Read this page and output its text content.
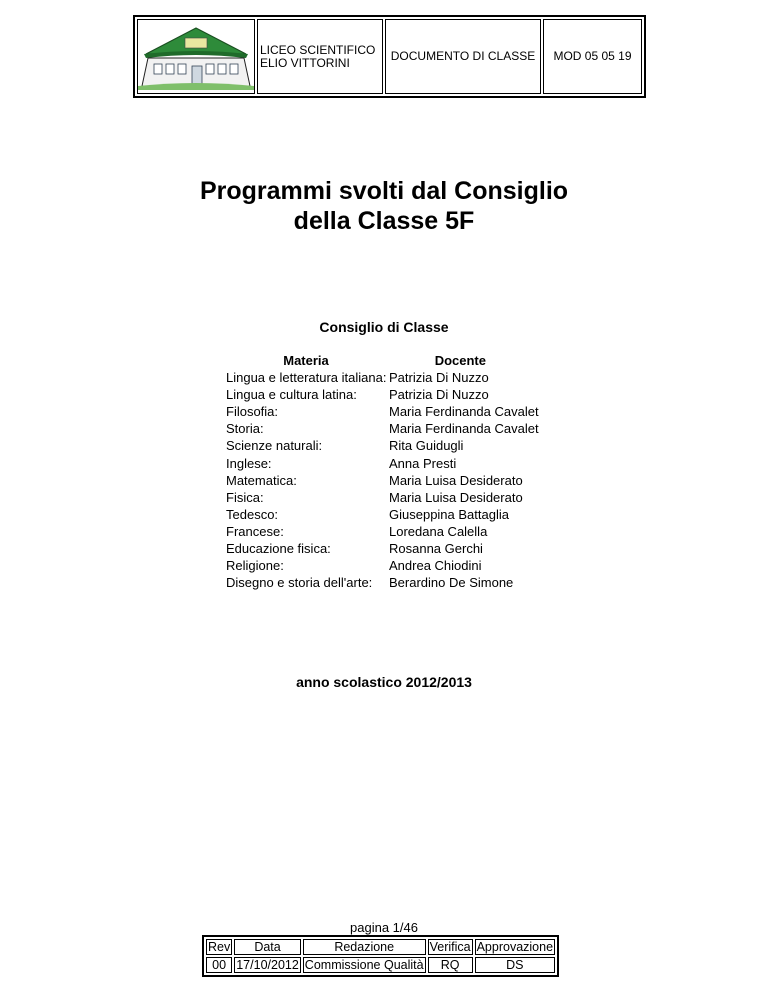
LICEO SCIENTIFICO
ELIO VITTORINI	DOCUMENTO DI CLASSE	MOD 05 05 19
Programmi svolti dal Consiglio
della Classe 5F
Consiglio di Classe
Materia	Docente
Lingua e letteratura italiana: Patrizia Di Nuzzo
Lingua e cultura latina:	Patrizia Di Nuzzo
Filosofia:	Maria Ferdinanda Cavalet
Storia:	Maria Ferdinanda Cavalet
Scienze naturali:	Rita Guidugli
Inglese:	Anna Presti
Matematica:	Maria Luisa Desiderato
Fisica:	Maria Luisa Desiderato
Tedesco:	Giuseppina Battaglia
Francese:	Loredana Calella
Educazione fisica:	Rosanna Gerchi
Religione:	Andrea Chiodini
Disegno e storia dell'arte:	Berardino De Simone
anno scolastico 2012/2013
pagina 1/46
Rev	Data	Redazione	Verifica	Approvazione
00	17/10/2012	Commissione Qualità	RQ	DS
